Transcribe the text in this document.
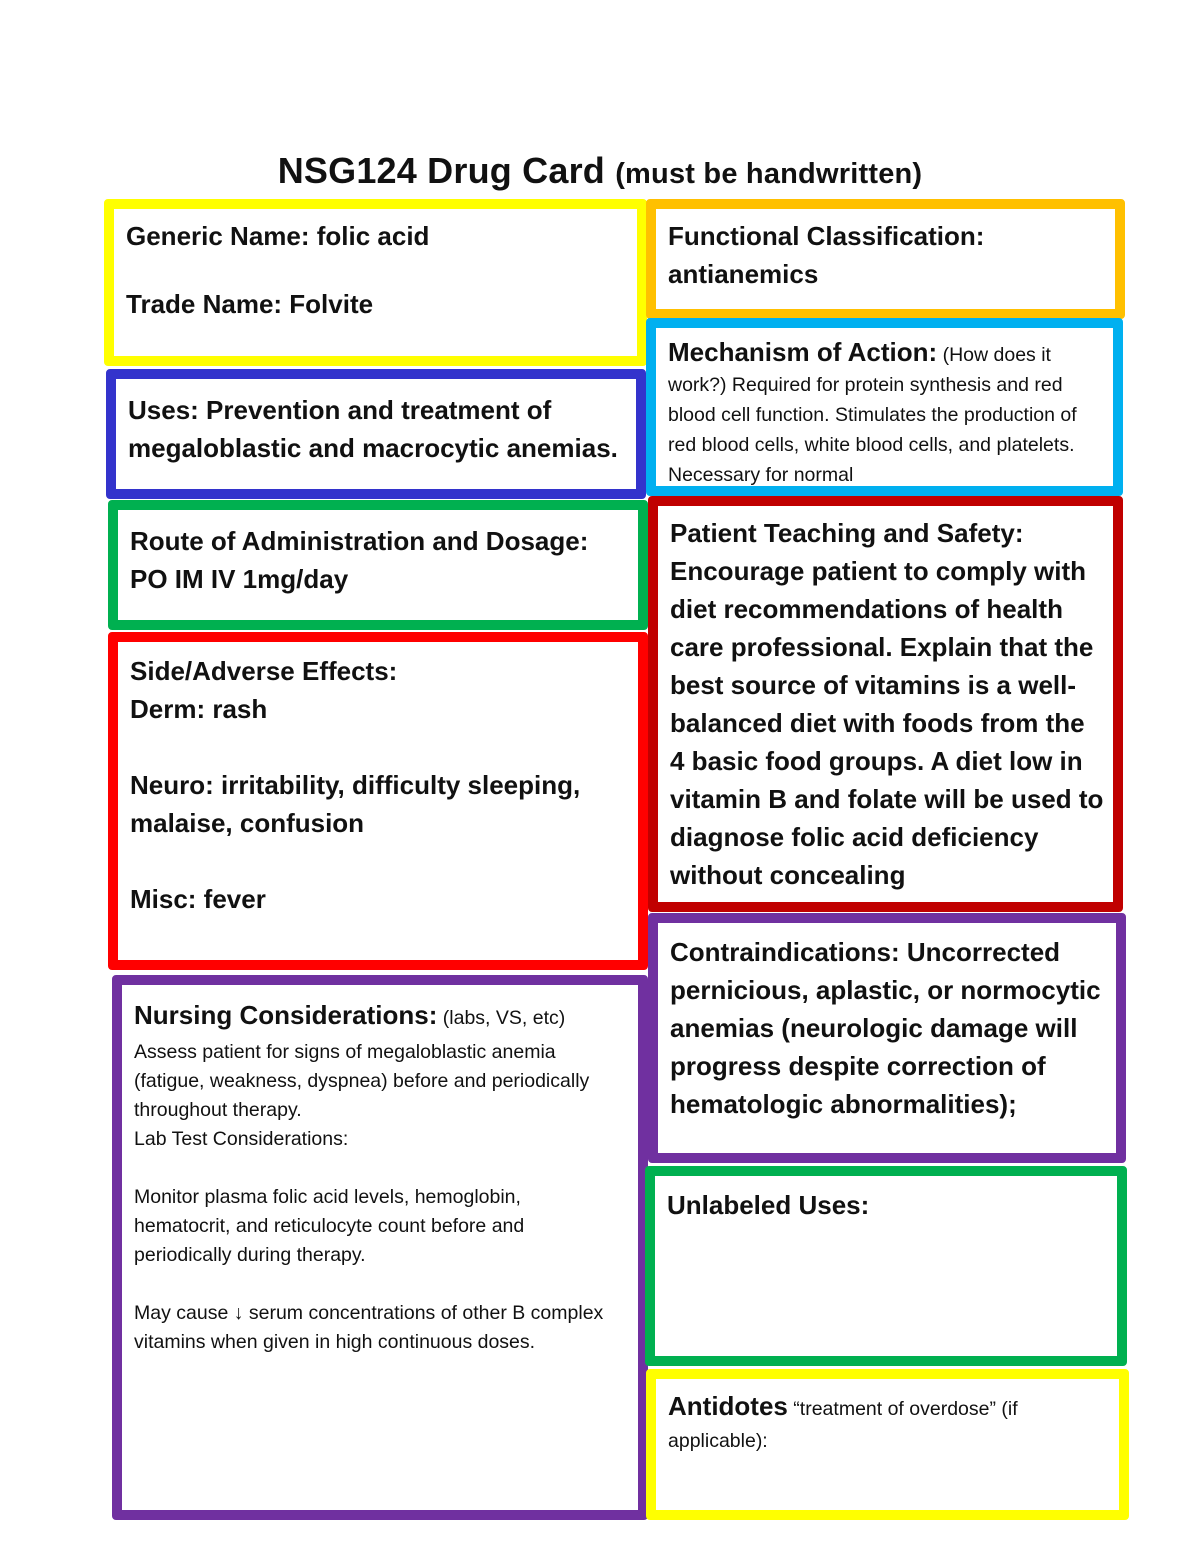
NSG124 Drug Card (must be handwritten)
Generic Name: folic acid
Trade Name: Folvite
Uses: Prevention and treatment of megaloblastic and macrocytic anemias.
Route of Administration and Dosage:
PO IM IV 1mg/day
Side/Adverse Effects:
Derm: rash
Neuro: irritability, difficulty sleeping, malaise, confusion
Misc: fever
Nursing Considerations: (labs, VS, etc)
Assess patient for signs of megaloblastic anemia (fatigue, weakness, dyspnea) before and periodically throughout therapy.
Lab Test Considerations:
Monitor plasma folic acid levels, hemoglobin, hematocrit, and reticulocyte count before and periodically during therapy.
May cause ↓ serum concentrations of other B complex vitamins when given in high continuous doses.
Functional Classification:
antianemics
Mechanism of Action: (How does it work?) Required for protein synthesis and red blood cell function. Stimulates the production of red blood cells, white blood cells, and platelets. Necessary for normal
Patient Teaching and Safety:
Encourage patient to comply with diet recommendations of health care professional. Explain that the best source of vitamins is a well-balanced diet with foods from the 4 basic food groups. A diet low in vitamin B and folate will be used to diagnose folic acid deficiency without concealing
Contraindications: Uncorrected pernicious, aplastic, or normocytic anemias (neurologic damage will progress despite correction of hematologic abnormalities);
Unlabeled Uses:
Antidotes “treatment of overdose” (if applicable):
